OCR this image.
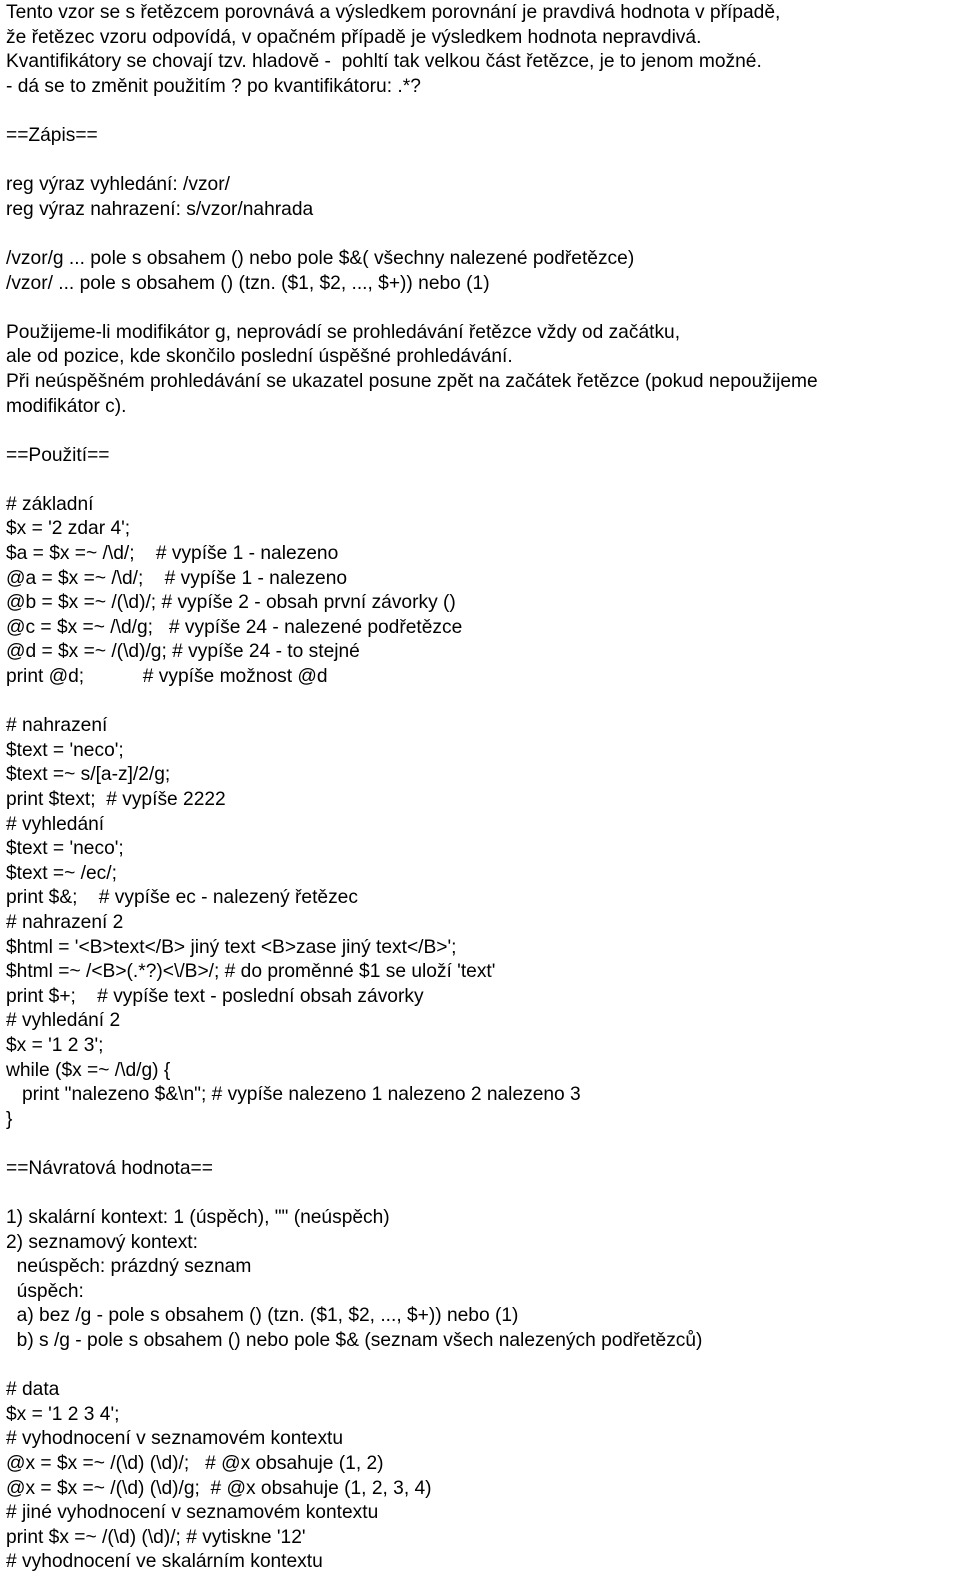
Tento vzor se s řetězcem porovnává a výsledkem porovnání je pravdivá hodnota v případě,
že řetězec vzoru odpovídá, v opačném případě je výsledkem hodnota nepravdivá.
Kvantifikátory se chovají tzv. hladově -  pohltí tak velkou část řetězce, je to jenom možné.
- dá se to změnit použitím ? po kvantifikátoru: .*?
==Zápis==
reg výraz vyhledání: /vzor/
reg výraz nahrazení: s/vzor/nahrada
/vzor/g ... pole s obsahem () nebo pole $&( všechny nalezené podřetězce)
/vzor/ ... pole s obsahem () (tzn. ($1, $2, ..., $+)) nebo (1)
Použijeme-li modifikátor g, neprovádí se prohledávání řetězce vždy od začátku,
ale od pozice, kde skončilo poslední úspěšné prohledávání.
Při neúspěšném prohledávání se ukazatel posune zpět na začátek řetězce (pokud nepoužijeme
modifikátor c).
==Použití==
# základní
$x = '2 zdar 4';
$a = $x =~ /\d/;    # vypíše 1 - nalezeno
@a = $x =~ /\d/;    # vypíše 1 - nalezeno
@b = $x =~ /(\d)/; # vypíše 2 - obsah první závorky ()
@c = $x =~ /\d/g;   # vypíše 24 - nalezené podřetězce
@d = $x =~ /(\d)/g; # vypíše 24 - to stejné
print @d;           # vypíše možnost @d
# nahrazení
$text = 'neco';
$text =~ s/[a-z]/2/g;
print $text;  # vypíše 2222
# vyhledání
$text = 'neco';
$text =~ /ec/;
print $&;    # vypíše ec - nalezený řetězec
# nahrazení 2
$html = '<B>text</B> jiný text <B>zase jiný text</B>';
$html =~ /<B>(.*?)<\/B>/; # do proměnné $1 se uloží 'text'
print $+;    # vypíše text - poslední obsah závorky
# vyhledání 2
$x = '1 2 3';
while ($x =~ /\d/g) {
print "nalezeno $&\n"; # vypíše nalezeno 1 nalezeno 2 nalezeno 3
}
==Návratová hodnota==
1) skalární kontext: 1 (úspěch), "" (neúspěch)
2) seznamový kontext:
neúspěch: prázdný seznam
úspěch:
a) bez /g - pole s obsahem () (tzn. ($1, $2, ..., $+)) nebo (1)
b) s /g - pole s obsahem () nebo pole $& (seznam všech nalezených podřetězců)
# data
$x = '1 2 3 4';
# vyhodnocení v seznamovém kontextu
@x = $x =~ /(\d) (\d)/;   # @x obsahuje (1, 2)
@x = $x =~ /(\d) (\d)/g;  # @x obsahuje (1, 2, 3, 4)
# jiné vyhodnocení v seznamovém kontextu
print $x =~ /(\d) (\d)/; # vytiskne '12'
# vyhodnocení ve skalárním kontextu
